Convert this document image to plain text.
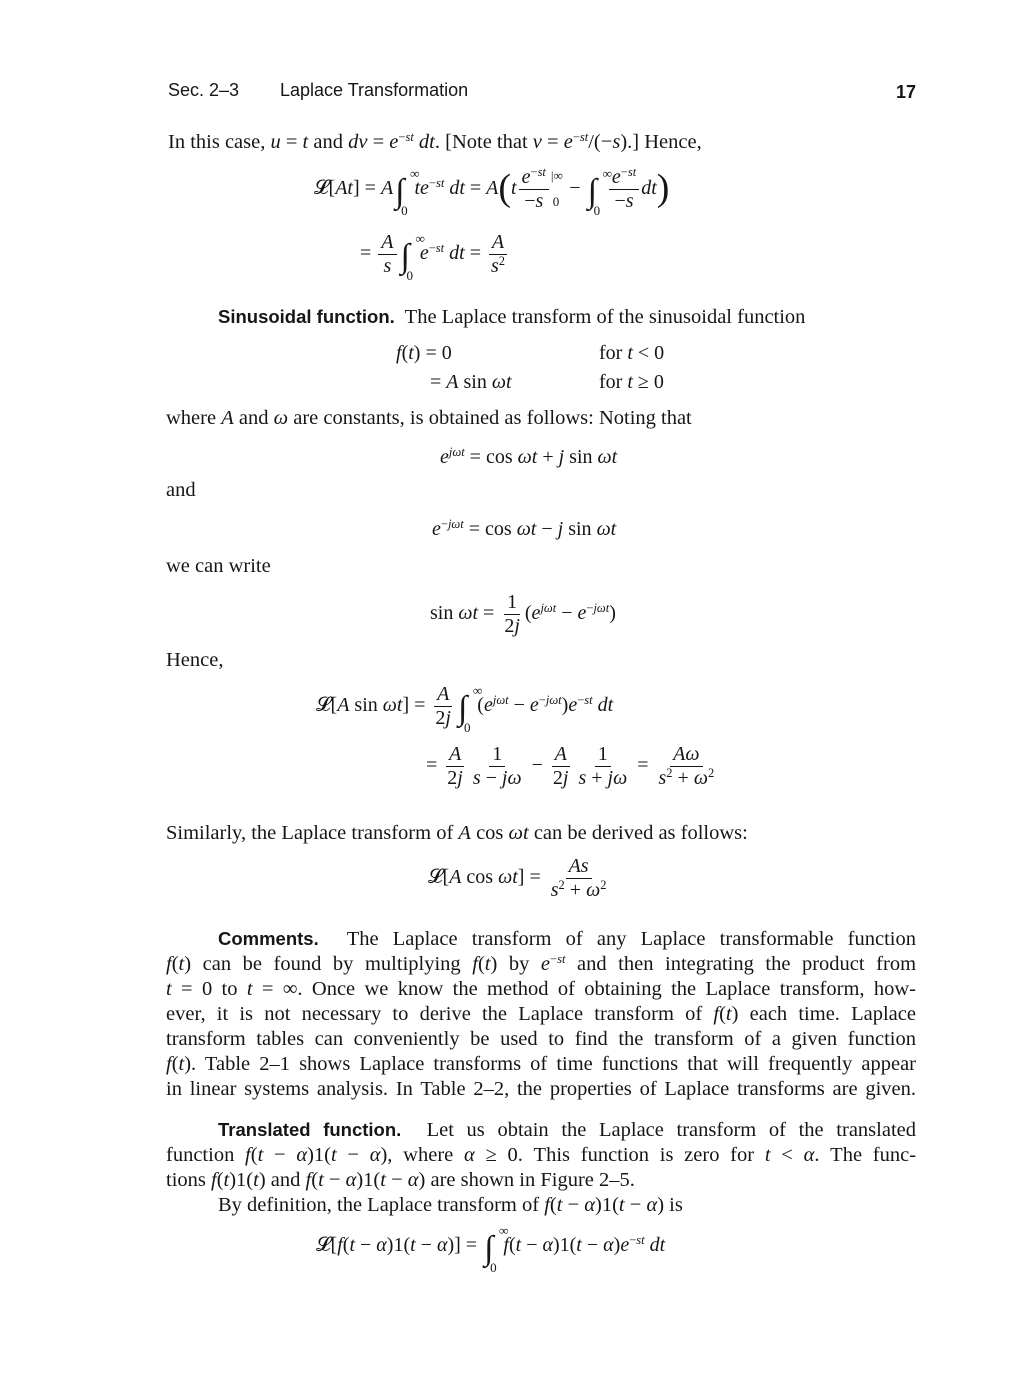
Sec. 2–3 Laplace Transformation	17
In this case, u = t and dv = $e^{-st}$ dt. [Note that $v = e^{-st}/(-s)$.] Hence,
𝓛[At] = A∫ ∞
0
$te^{-st}$ dt = $A(t \frac{e^{-st}}{-s} ^{|\infty}_0$  − ∫ ∞
$0 \frac{e^{-st}}{-s} dt$)
= $\frac{A}{s}$ ∫ ∞
0
$e^{-st}$ dt = $\frac{A}{s^2}$
Sinusoidal function. The Laplace transform of the sinusoidal function
f(t) = 0	for t < 0
= A sin ωt	for t ≥ 0
where A and ω are constants, is obtained as follows: Noting that
$e^{j\omega t} = \cos \omega t + j$ sin ωt
and
$e^{-j\omega t} = \cos \omega t - j$ sin ωt
we can write
$\sin \omega t = \frac{1}{2j} (e^{j\omega t} - e^{-j\omega t})$
Hence,
𝓛[A $\sin \omega t] = \frac{A}{2j}$ ∫ ∞
0
$(e^{j\omega t} - e^{-j\omega t})e^{-st}$ dt
= $\frac{A}{2j} \frac{1}{s - j\omega} - \frac{A}{2j} \frac{1}{s + j\omega} = \frac{A\omega}{s^2 + \omega^2}$
Similarly, the Laplace transform of A cos ωt can be derived as follows:
𝓛[A $\cos \omega t] = \frac{As}{s^2 + \omega^2}$
Comments.  The Laplace transform of any Laplace transformable function
f(t) can be found by multiplying f(t) by $e^{-st}$ and then integrating the product from
t = 0 to t = ∞. Once we know the method of obtaining the Laplace transform, how-
ever, it is not necessary to derive the Laplace transform of f(t) each time. Laplace
transform tables can conveniently be used to find the transform of a given function
f(t). Table 2–1 shows Laplace transforms of time functions that will frequently appear
in linear systems analysis. In Table 2–2, the properties of Laplace transforms are given.
Translated function.  Let us obtain the Laplace transform of the translated
function f(t − α)1(t − α), where α ≥ 0. This function is zero for t < α. The func-
tions f(t)1(t) and f(t − α)1(t − α) are shown in Figure 2–5.
By definition, the Laplace transform of f(t − α)1(t − α) is
𝓛[f(t − α)1(t − α)] = ∫ ∞
0
$f(t - \alpha)1(t - \alpha)e^{-st}$ dt
